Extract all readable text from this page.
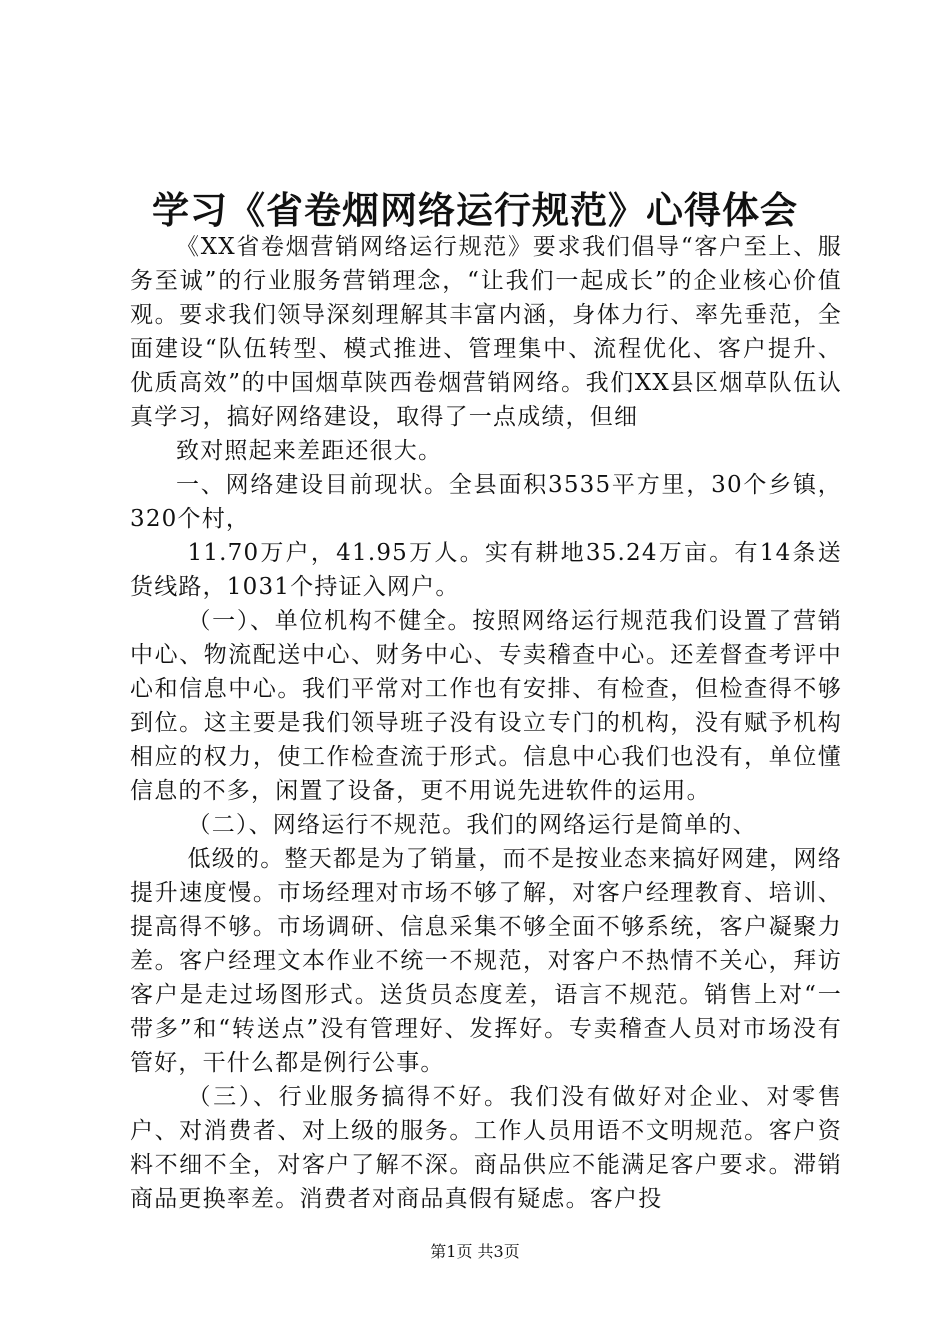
学习《省卷烟网络运行规范》心得体会

《XX省卷烟营销网络运行规范》要求我们倡导“客户至上、服务至诚”的行业服务营销理念，“让我们一起成长”的企业核心价值观。要求我们领导深刻理解其丰富内涵，身体力行、率先垂范，全面建设“队伍转型、模式推进、管理集中、流程优化、客户提升、优质高效”的中国烟草陕西卷烟营销网络。我们XX县区烟草队伍认真学习，搞好网络建设，取得了一点成绩，但细

致对照起来差距还很大。

一、网络建设目前现状。全县面积3535平方里，30个乡镇，320个村，

11.70万户，41.95万人。实有耕地35.24万亩。有14条送货线路，1031个持证入网户。

（一）、单位机构不健全。按照网络运行规范我们设置了营销中心、物流配送中心、财务中心、专卖稽查中心。还差督查考评中心和信息中心。我们平常对工作也有安排、有检查，但检查得不够到位。这主要是我们领导班子没有设立专门的机构，没有赋予机构相应的权力，使工作检查流于形式。信息中心我们也没有，单位懂信息的不多，闲置了设备，更不用说先进软件的运用。

（二）、网络运行不规范。我们的网络运行是简单的、

低级的。整天都是为了销量，而不是按业态来搞好网建，网络提升速度慢。市场经理对市场不够了解，对客户经理教育、培训、提高得不够。市场调研、信息采集不够全面不够系统，客户凝聚力差。客户经理文本作业不统一不规范，对客户不热情不关心，拜访客户是走过场图形式。送货员态度差，语言不规范。销售上对“一带多”和“转送点”没有管理好、发挥好。专卖稽查人员对市场没有管好，干什么都是例行公事。

（三）、行业服务搞得不好。我们没有做好对企业、对零售户、对消费者、对上级的服务。工作人员用语不文明规范。客户资料不细不全，对客户了解不深。商品供应不能满足客户要求。滞销商品更换率差。消费者对商品真假有疑虑。客户投

第1页 共3页
